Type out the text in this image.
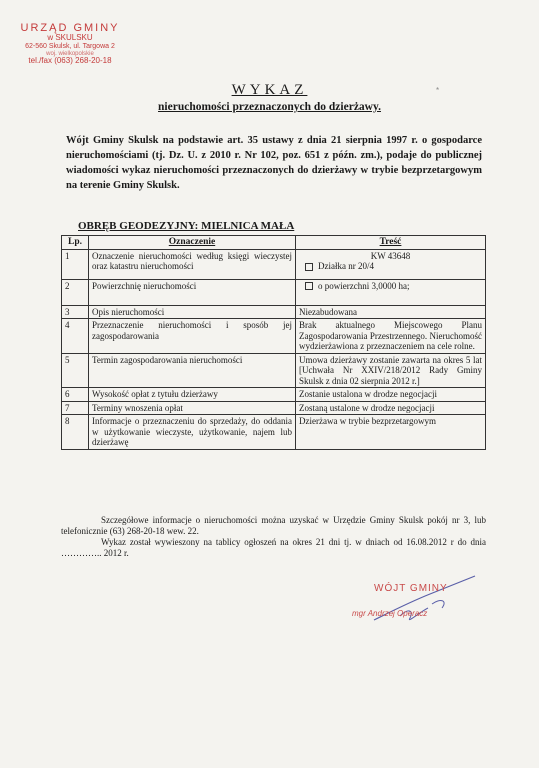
URZĄD GMINY
w SKULSKU
62-560 Skulsk, ul. Targowa 2
woj. wielkopolskie
tel./fax (063) 268-20-18
*
WYKAZ
nieruchomości przeznaczonych do dzierżawy.
Wójt Gminy Skulsk na podstawie art. 35 ustawy z dnia 21 sierpnia 1997 r. o gospodarce nieruchomościami (tj. Dz. U. z 2010 r. Nr 102, poz. 651 z późn. zm.), podaje do publicznej wiadomości wykaz nieruchomości przeznaczonych do dzierżawy w trybie bezprzetargowym na terenie Gminy Skulsk.
OBRĘB GEODEZYJNY: MIELNICA MAŁA
Lp.	Oznaczenie	Treść
1	Oznaczenie nieruchomości według księgi wieczystej oraz katastru nieruchomości	KW 43648
Działka nr 20/4

2	Powierzchnię nieruchomości	o powierzchni 3,0000 ha;
3	Opis nieruchomości	Niezabudowana
4	Przeznaczenie nieruchomości i sposób jej zagospodarowania	Brak aktualnego Miejscowego Planu Zagospodarowania Przestrzennego. Nieruchomość wydzierżawiona z przeznaczeniem na cele rolne.
5	Termin zagospodarowania nieruchomości	Umowa dzierżawy zostanie zawarta na okres 5 lat [Uchwała Nr XXIV/218/2012 Rady Gminy Skulsk z dnia 02 sierpnia 2012 r.]
6	Wysokość opłat z tytułu dzierżawy	Zostanie ustalona w drodze negocjacji
7	Terminy wnoszenia opłat	Zostaną ustalone w drodze negocjacji
8	Informacje o przeznaczeniu do sprzedaży, do oddania w użytkowanie wieczyste, użytkowanie, najem lub dzierżawę	Dzierżawa w trybie bezprzetargowym

Szczegółowe informacje o nieruchomości można uzyskać w Urzędzie Gminy Skulsk pokój nr 3, lub telefonicznie (63) 268-20-18 wew. 22.

Wykaz został wywieszony na tablicy ogłoszeń na okres 21 dni tj. w dniach od 16.08.2012 r do dnia ………….. 2012 r.

WÓJT GMINY
mgr Andrzej Operacz
